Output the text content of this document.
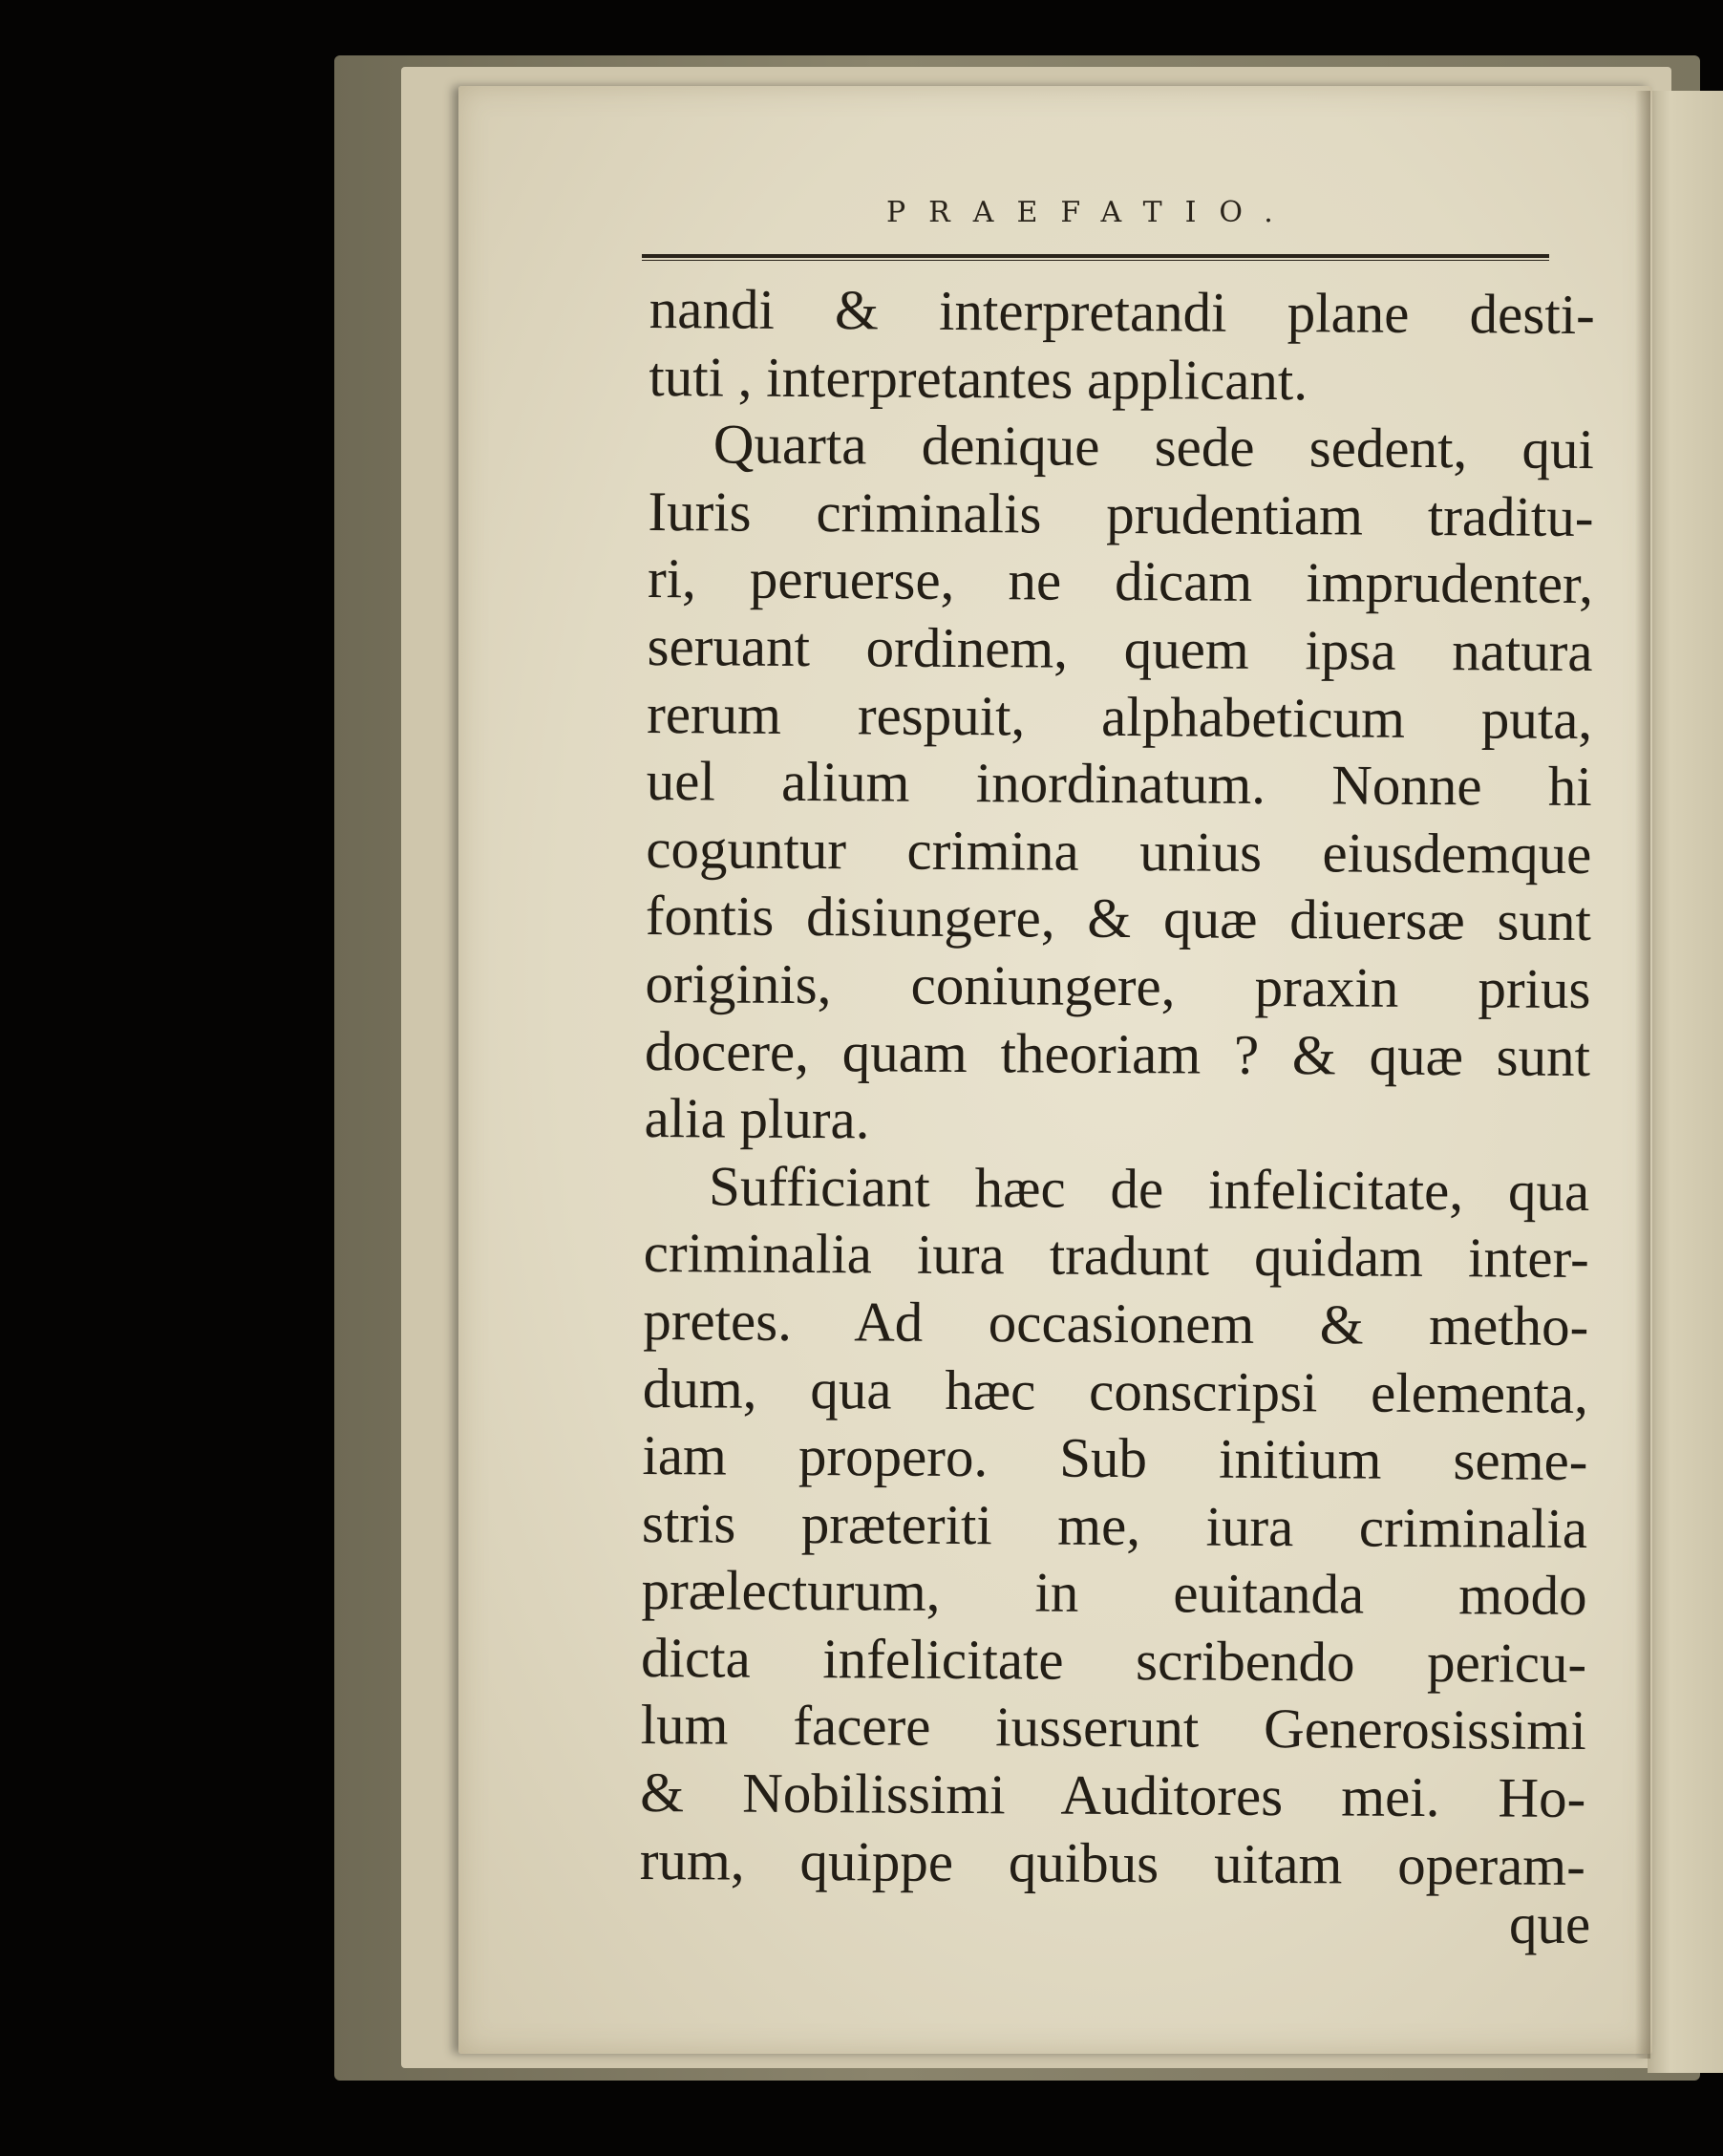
PRAEFATIO.
nandi & interpretandi plane desti-
tuti , interpretantes applicant.
Quarta denique sede sedent, qui
Iuris criminalis prudentiam traditu-
ri, peruerse, ne dicam imprudenter,
seruant ordinem, quem ipsa natura
rerum respuit, alphabeticum puta,
uel alium inordinatum. Nonne hi
coguntur crimina unius eiusdemque
fontis disiungere, & quæ diuersæ sunt
originis, coniungere, praxin prius
docere, quam theoriam ? & quæ sunt
alia plura.
Sufficiant hæc de infelicitate, qua
criminalia iura tradunt quidam inter-
pretes. Ad occasionem & metho-
dum, qua hæc conscripsi elementa,
iam propero. Sub initium seme-
stris præteriti me, iura criminalia
prælecturum, in euitanda modo
dicta infelicitate scribendo pericu-
lum facere iusserunt Generosissimi
& Nobilissimi Auditores mei. Ho-
rum, quippe quibus uitam operam-
que
